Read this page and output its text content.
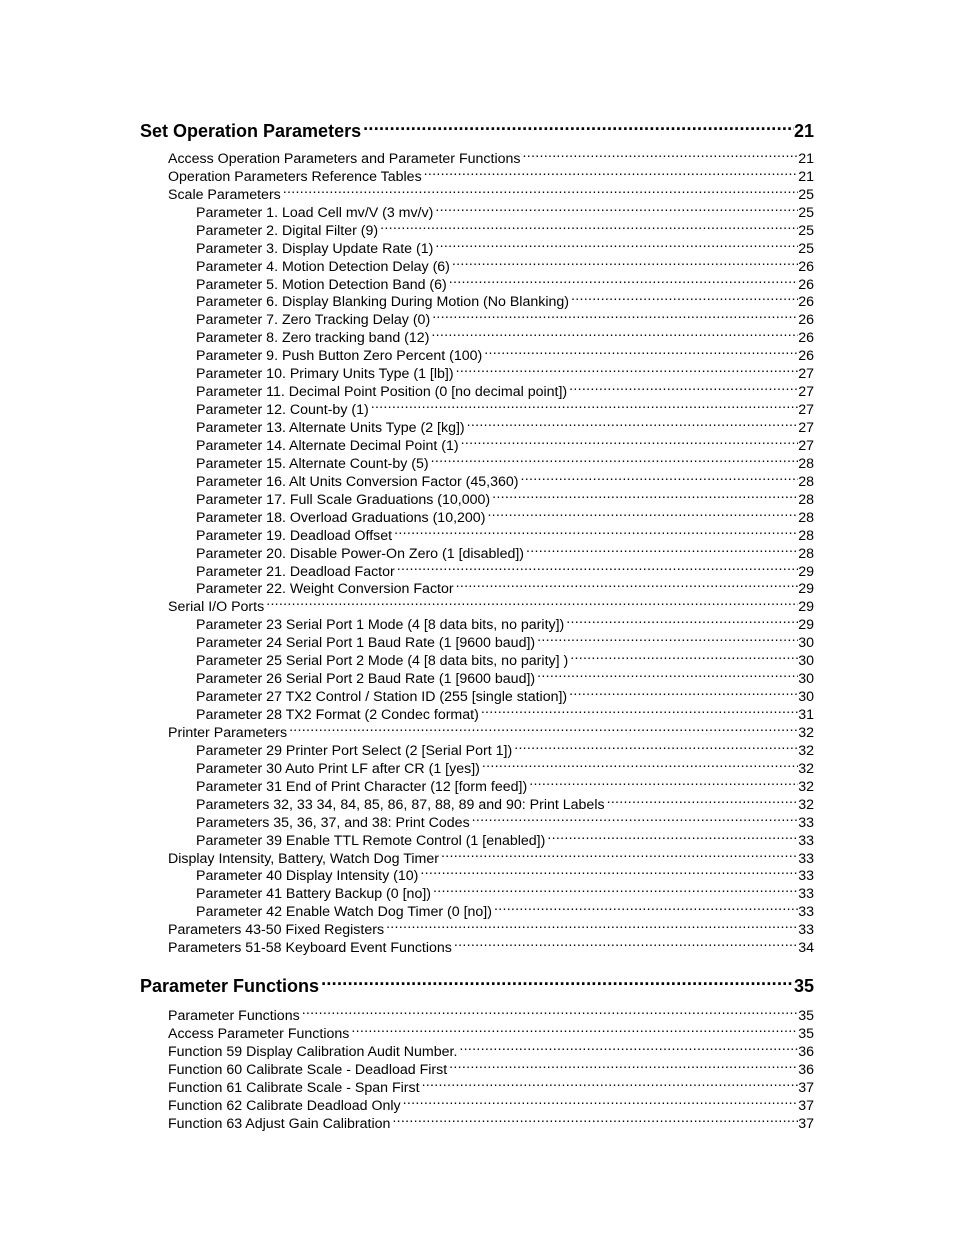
Set Operation Parameters .....	21
Access Operation Parameters and Parameter Functions .....	21
Operation Parameters Reference Tables .....	21
Scale Parameters .....	25
Parameter 1. Load Cell mv/V (3 mv/v) .....	25
Parameter 2. Digital Filter (9) .....	25
Parameter 3. Display Update Rate (1) .....	25
Parameter 4. Motion Detection Delay (6) .....	26
Parameter 5. Motion Detection Band (6) .....	26
Parameter 6. Display Blanking During Motion (No Blanking) .....	26
Parameter 7. Zero Tracking Delay (0) .....	26
Parameter 8. Zero tracking band (12) .....	26
Parameter 9. Push Button Zero Percent (100) .....	26
Parameter 10. Primary Units Type (1 [lb]) .....	27
Parameter 11. Decimal Point Position (0 [no decimal point]) .....	27
Parameter 12. Count-by (1) .....	27
Parameter 13. Alternate Units Type (2 [kg]) .....	27
Parameter 14. Alternate Decimal Point (1) .....	27
Parameter 15. Alternate Count-by (5) .....	28
Parameter 16. Alt Units Conversion Factor (45,360) .....	28
Parameter 17. Full Scale Graduations (10,000) .....	28
Parameter 18. Overload Graduations (10,200) .....	28
Parameter 19. Deadload Offset .....	28
Parameter 20. Disable Power-On Zero (1 [disabled]) .....	28
Parameter 21. Deadload Factor .....	29
Parameter 22. Weight Conversion Factor .....	29
Serial I/O Ports .....	29
Parameter 23 Serial Port 1 Mode (4 [8 data bits, no parity]) .....	29
Parameter 24 Serial Port 1 Baud Rate (1 [9600 baud]) .....	30
Parameter 25 Serial Port 2 Mode (4 [8 data bits, no parity] ) .....	30
Parameter 26 Serial Port 2 Baud Rate (1 [9600 baud]) .....	30
Parameter 27 TX2 Control / Station ID (255 [single station]) .....	30
Parameter 28 TX2 Format (2 Condec format) .....	31
Printer Parameters .....	32
Parameter 29 Printer Port Select (2 [Serial Port 1]) .....	32
Parameter 30 Auto Print LF after CR (1 [yes]) .....	32
Parameter 31 End of Print Character (12 [form feed]) .....	32
Parameters 32, 33 34, 84, 85, 86, 87, 88, 89 and 90: Print Labels .....	32
Parameters 35, 36, 37, and 38: Print Codes .....	33
Parameter 39 Enable TTL Remote Control (1 [enabled]) .....	33
Display Intensity, Battery, Watch Dog Timer .....	33
Parameter 40 Display Intensity (10) .....	33
Parameter 41 Battery Backup (0 [no]) .....	33
Parameter 42 Enable Watch Dog Timer (0 [no]) .....	33
Parameters 43-50 Fixed Registers .....	33
Parameters 51-58 Keyboard Event Functions .....	34
Parameter Functions .....	35
Parameter Functions .....	35
Access Parameter Functions .....	35
Function 59 Display Calibration Audit Number. .....	36
Function 60 Calibrate Scale - Deadload First .....	36
Function 61 Calibrate Scale - Span First .....	37
Function 62 Calibrate Deadload Only .....	37
Function 63 Adjust Gain Calibration .....	37
